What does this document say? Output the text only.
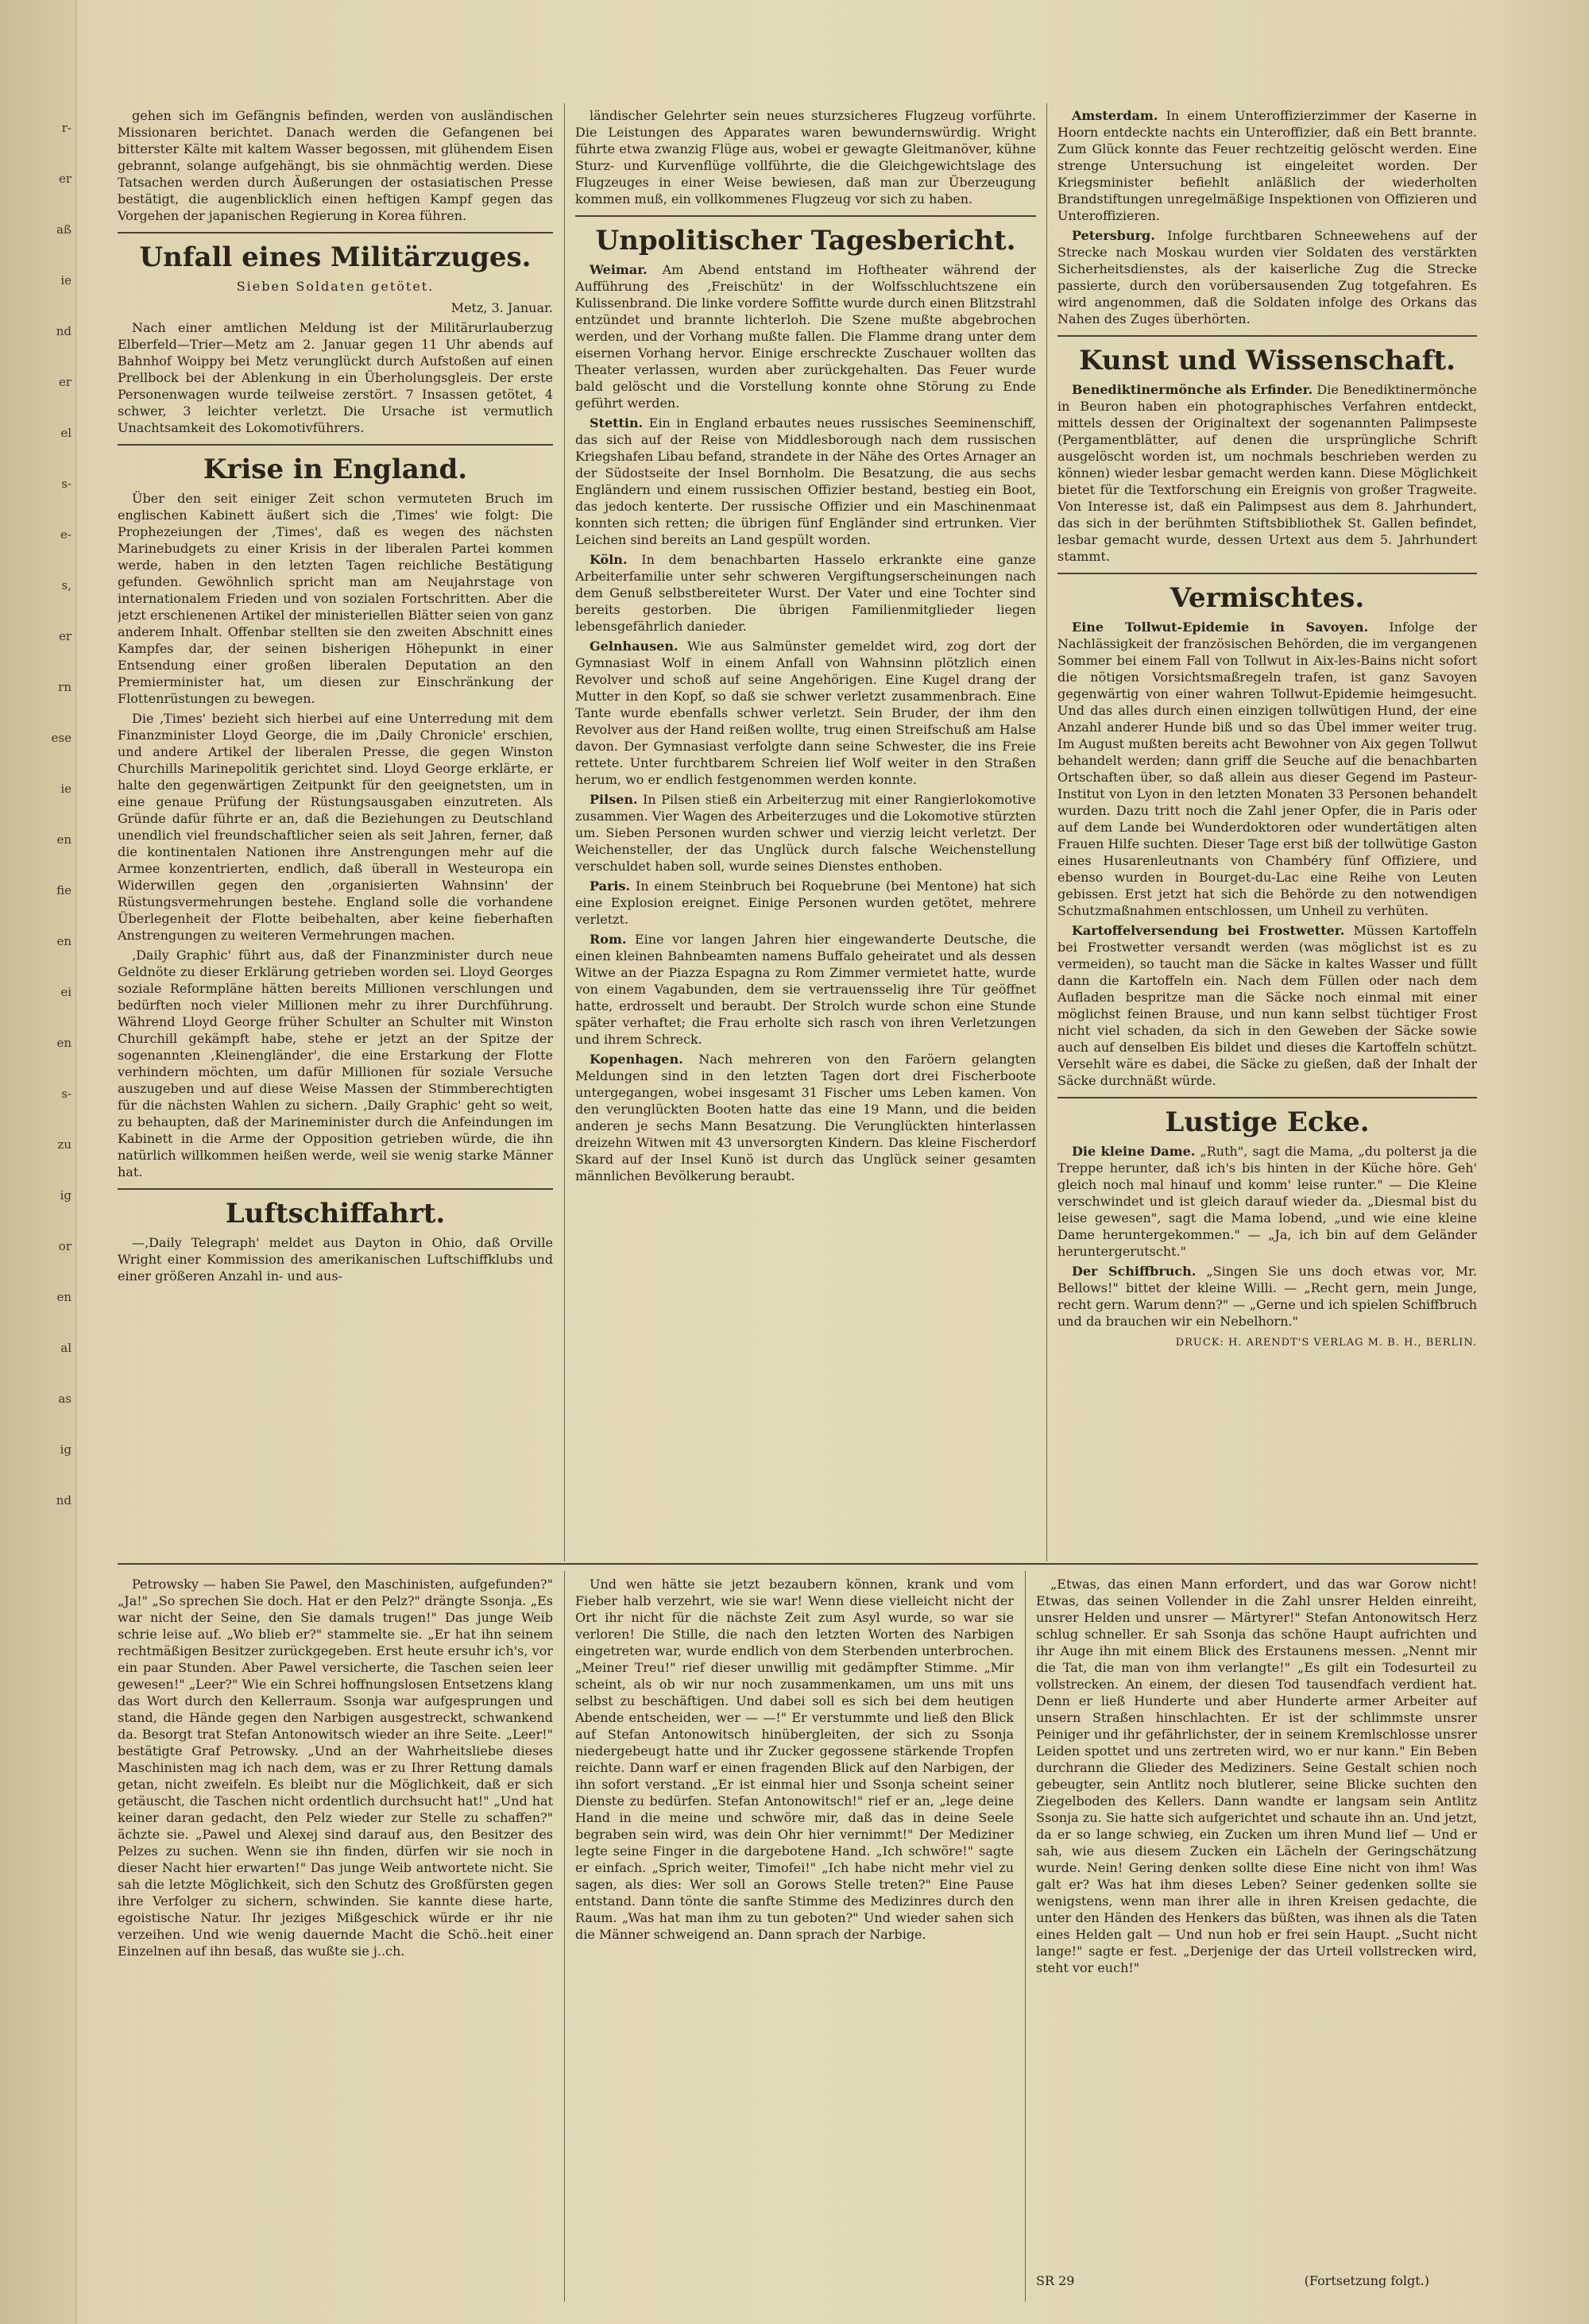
r-
er
aß
ie
nd
er
el
s-
e-
s,
er
rn
ese
ie
en
fie
en
ei
en
s-
zu
ig
or
en
al
as
ig
nd

gehen sich im Gefängnis befinden, werden von ausländischen Missionaren berichtet. Danach werden die Gefangenen bei bitterster Kälte mit kaltem Wasser begossen, mit glühendem Eisen gebrannt, solange aufgehängt, bis sie ohnmächtig werden. Diese Tatsachen werden durch Äußerungen der ostasiatischen Presse bestätigt, die augenblicklich einen heftigen Kampf gegen das Vorgehen der japanischen Regierung in Korea führen.

Unfall eines Militärzuges.
Sieben Soldaten getötet.
Metz, 3. Januar.

Nach einer amtlichen Meldung ist der Militärurlauberzug Elberfeld—Trier—Metz am 2. Januar gegen 11 Uhr abends auf Bahnhof Woippy bei Metz verunglückt durch Aufstoßen auf einen Prellbock bei der Ablenkung in ein Überholungsgleis. Der erste Personenwagen wurde teilweise zerstört. 7 Insassen getötet, 4 schwer, 3 leichter verletzt. Die Ursache ist vermutlich Unachtsamkeit des Lokomotivführers.

Krise in England.

Über den seit einiger Zeit schon vermuteten Bruch im englischen Kabinett äußert sich die ‚Times' wie folgt: Die Prophezeiungen der ‚Times', daß es wegen des nächsten Marinebudgets zu einer Krisis in der liberalen Partei kommen werde, haben in den letzten Tagen reichliche Bestätigung gefunden. Gewöhnlich spricht man am Neujahrstage von internationalem Frieden und von sozialen Fortschritten. Aber die jetzt erschienenen Artikel der ministeriellen Blätter seien von ganz anderem Inhalt. Offenbar stellten sie den zweiten Abschnitt eines Kampfes dar, der seinen bisherigen Höhepunkt in einer Entsendung einer großen liberalen Deputation an den Premierminister hat, um diesen zur Einschränkung der Flottenrüstungen zu bewegen.

Die ‚Times' bezieht sich hierbei auf eine Unterredung mit dem Finanzminister Lloyd George, die im ‚Daily Chronicle' erschien, und andere Artikel der liberalen Presse, die gegen Winston Churchills Marinepolitik gerichtet sind. Lloyd George erklärte, er halte den gegenwärtigen Zeitpunkt für den geeignetsten, um in eine genaue Prüfung der Rüstungsausgaben einzutreten. Als Gründe dafür führte er an, daß die Beziehungen zu Deutschland unendlich viel freundschaftlicher seien als seit Jahren, ferner, daß die kontinentalen Nationen ihre Anstrengungen mehr auf die Armee konzentrierten, endlich, daß überall in Westeuropa ein Widerwillen gegen den ‚organisierten Wahnsinn' der Rüstungsvermehrungen bestehe. England solle die vorhandene Überlegenheit der Flotte beibehalten, aber keine fieberhaften Anstrengungen zu weiteren Vermehrungen machen.

‚Daily Graphic' führt aus, daß der Finanzminister durch neue Geldnöte zu dieser Erklärung getrieben worden sei. Lloyd Georges soziale Reformpläne hätten bereits Millionen verschlungen und bedürften noch vieler Millionen mehr zu ihrer Durchführung. Während Lloyd George früher Schulter an Schulter mit Winston Churchill gekämpft habe, stehe er jetzt an der Spitze der sogenannten ‚Kleinengländer', die eine Erstarkung der Flotte verhindern möchten, um dafür Millionen für soziale Versuche auszugeben und auf diese Weise Massen der Stimmberechtigten für die nächsten Wahlen zu sichern. ‚Daily Graphic' geht so weit, zu behaupten, daß der Marineminister durch die Anfeindungen im Kabinett in die Arme der Opposition getrieben würde, die ihn natürlich willkommen heißen werde, weil sie wenig starke Männer hat.

Luftschiffahrt.

—‚Daily Telegraph' meldet aus Dayton in Ohio, daß Orville Wright einer Kommission des amerikanischen Luftschiffklubs und einer größeren Anzahl in- und aus-

ländischer Gelehrter sein neues sturzsicheres Flugzeug vorführte. Die Leistungen des Apparates waren bewundernswürdig. Wright führte etwa zwanzig Flüge aus, wobei er gewagte Gleitmanöver, kühne Sturz- und Kurvenflüge vollführte, die die Gleichgewichtslage des Flugzeuges in einer Weise bewiesen, daß man zur Überzeugung kommen muß, ein vollkommenes Flugzeug vor sich zu haben.

Unpolitischer Tagesbericht.

Weimar. Am Abend entstand im Hoftheater während der Aufführung des ‚Freischütz' in der Wolfsschluchtszene ein Kulissenbrand. Die linke vordere Soffitte wurde durch einen Blitzstrahl entzündet und brannte lichterloh. Die Szene mußte abgebrochen werden, und der Vorhang mußte fallen. Die Flamme drang unter dem eisernen Vorhang hervor. Einige erschreckte Zuschauer wollten das Theater verlassen, wurden aber zurückgehalten. Das Feuer wurde bald gelöscht und die Vorstellung konnte ohne Störung zu Ende geführt werden.

Stettin. Ein in England erbautes neues russisches Seeminenschiff, das sich auf der Reise von Middlesborough nach dem russischen Kriegshafen Libau befand, strandete in der Nähe des Ortes Arnager an der Südostseite der Insel Bornholm. Die Besatzung, die aus sechs Engländern und einem russischen Offizier bestand, bestieg ein Boot, das jedoch kenterte. Der russische Offizier und ein Maschinenmaat konnten sich retten; die übrigen fünf Engländer sind ertrunken. Vier Leichen sind bereits an Land gespült worden.

Köln. In dem benachbarten Hasselo erkrankte eine ganze Arbeiterfamilie unter sehr schweren Vergiftungserscheinungen nach dem Genuß selbstbereiteter Wurst. Der Vater und eine Tochter sind bereits gestorben. Die übrigen Familienmitglieder liegen lebensgefährlich danieder.

Gelnhausen. Wie aus Salmünster gemeldet wird, zog dort der Gymnasiast Wolf in einem Anfall von Wahnsinn plötzlich einen Revolver und schoß auf seine Angehörigen. Eine Kugel drang der Mutter in den Kopf, so daß sie schwer verletzt zusammenbrach. Eine Tante wurde ebenfalls schwer verletzt. Sein Bruder, der ihm den Revolver aus der Hand reißen wollte, trug einen Streifschuß am Halse davon. Der Gymnasiast verfolgte dann seine Schwester, die ins Freie rettete. Unter furchtbarem Schreien lief Wolf weiter in den Straßen herum, wo er endlich festgenommen werden konnte.

Pilsen. In Pilsen stieß ein Arbeiterzug mit einer Rangierlokomotive zusammen. Vier Wagen des Arbeiterzuges und die Lokomotive stürzten um. Sieben Personen wurden schwer und vierzig leicht verletzt. Der Weichensteller, der das Unglück durch falsche Weichenstellung verschuldet haben soll, wurde seines Dienstes enthoben.

Paris. In einem Steinbruch bei Roquebrune (bei Mentone) hat sich eine Explosion ereignet. Einige Personen wurden getötet, mehrere verletzt.

Rom. Eine vor langen Jahren hier eingewanderte Deutsche, die einen kleinen Bahnbeamten namens Buffalo geheiratet und als dessen Witwe an der Piazza Espagna zu Rom Zimmer vermietet hatte, wurde von einem Vagabunden, dem sie vertrauensselig ihre Tür geöffnet hatte, erdrosselt und beraubt. Der Strolch wurde schon eine Stunde später verhaftet; die Frau erholte sich rasch von ihren Verletzungen und ihrem Schreck.

Kopenhagen. Nach mehreren von den Faröern gelangten Meldungen sind in den letzten Tagen dort drei Fischerboote untergegangen, wobei insgesamt 31 Fischer ums Leben kamen. Von den verunglückten Booten hatte das eine 19 Mann, und die beiden anderen je sechs Mann Besatzung. Die Verunglückten hinterlassen dreizehn Witwen mit 43 unversorgten Kindern. Das kleine Fischerdorf Skard auf der Insel Kunö ist durch das Unglück seiner gesamten männlichen Bevölkerung beraubt.

Amsterdam. In einem Unteroffizierzimmer der Kaserne in Hoorn entdeckte nachts ein Unteroffizier, daß ein Bett brannte. Zum Glück konnte das Feuer rechtzeitig gelöscht werden. Eine strenge Untersuchung ist eingeleitet worden. Der Kriegsminister befiehlt anläßlich der wiederholten Brandstiftungen unregelmäßige Inspektionen von Offizieren und Unteroffizieren.

Petersburg. Infolge furchtbaren Schneewehens auf der Strecke nach Moskau wurden vier Soldaten des verstärkten Sicherheitsdienstes, als der kaiserliche Zug die Strecke passierte, durch den vorübersausenden Zug totgefahren. Es wird angenommen, daß die Soldaten infolge des Orkans das Nahen des Zuges überhörten.

Kunst und Wissenschaft.

Benediktinermönche als Erfinder. Die Benediktinermönche in Beuron haben ein photographisches Verfahren entdeckt, mittels dessen der Originaltext der sogenannten Palimpseste (Pergamentblätter, auf denen die ursprüngliche Schrift ausgelöscht worden ist, um nochmals beschrieben werden zu können) wieder lesbar gemacht werden kann. Diese Möglichkeit bietet für die Textforschung ein Ereignis von großer Tragweite. Von Interesse ist, daß ein Palimpsest aus dem 8. Jahrhundert, das sich in der berühmten Stiftsbibliothek St. Gallen befindet, lesbar gemacht wurde, dessen Urtext aus dem 5. Jahrhundert stammt.

Vermischtes.

Eine Tollwut-Epidemie in Savoyen. Infolge der Nachlässigkeit der französischen Behörden, die im vergangenen Sommer bei einem Fall von Tollwut in Aix-les-Bains nicht sofort die nötigen Vorsichtsmaßregeln trafen, ist ganz Savoyen gegenwärtig von einer wahren Tollwut-Epidemie heimgesucht. Und das alles durch einen einzigen tollwütigen Hund, der eine Anzahl anderer Hunde biß und so das Übel immer weiter trug. Im August mußten bereits acht Bewohner von Aix gegen Tollwut behandelt werden; dann griff die Seuche auf die benachbarten Ortschaften über, so daß allein aus dieser Gegend im Pasteur-Institut von Lyon in den letzten Monaten 33 Personen behandelt wurden. Dazu tritt noch die Zahl jener Opfer, die in Paris oder auf dem Lande bei Wunderdoktoren oder wundertätigen alten Frauen Hilfe suchten. Dieser Tage erst biß der tollwütige Gaston eines Husarenleutnants von Chambéry fünf Offiziere, und ebenso wurden in Bourget-du-Lac eine Reihe von Leuten gebissen. Erst jetzt hat sich die Behörde zu den notwendigen Schutzmaßnahmen entschlossen, um Unheil zu verhüten.

Kartoffelversendung bei Frostwetter. Müssen Kartoffeln bei Frostwetter versandt werden (was möglichst ist es zu vermeiden), so taucht man die Säcke in kaltes Wasser und füllt dann die Kartoffeln ein. Nach dem Füllen oder nach dem Aufladen bespritze man die Säcke noch einmal mit einer möglichst feinen Brause, und nun kann selbst tüchtiger Frost nicht viel schaden, da sich in den Geweben der Säcke sowie auch auf denselben Eis bildet und dieses die Kartoffeln schützt. Versehlt wäre es dabei, die Säcke zu gießen, daß der Inhalt der Säcke durchnäßt würde.

Lustige Ecke.

Die kleine Dame. „Ruth", sagt die Mama, „du polterst ja die Treppe herunter, daß ich's bis hinten in der Küche höre. Geh' gleich noch mal hinauf und komm' leise runter." — Die Kleine verschwindet und ist gleich darauf wieder da. „Diesmal bist du leise gewesen", sagt die Mama lobend, „und wie eine kleine Dame heruntergekommen." — „Ja, ich bin auf dem Geländer heruntergerutscht."

Der Schiffbruch. „Singen Sie uns doch etwas vor, Mr. Bellows!" bittet der kleine Willi. — „Recht gern, mein Junge, recht gern. Warum denn?" — „Gerne und ich spielen Schiffbruch und da brauchen wir ein Nebelhorn."

DRUCK: H. ARENDT'S VERLAG M. B. H., BERLIN.

Petrowsky — haben Sie Pawel, den Maschinisten, aufgefunden?" „Ja!" „So sprechen Sie doch. Hat er den Pelz?" drängte Ssonja. „Es war nicht der Seine, den Sie damals trugen!" Das junge Weib schrie leise auf. „Wo blieb er?" stammelte sie. „Er hat ihn seinem rechtmäßigen Besitzer zurückgegeben. Erst heute ersuhr ich's, vor ein paar Stunden. Aber Pawel versicherte, die Taschen seien leer gewesen!" „Leer?" Wie ein Schrei hoffnungslosen Entsetzens klang das Wort durch den Kellerraum. Ssonja war aufgesprungen und stand, die Hände gegen den Narbigen ausgestreckt, schwankend da. Besorgt trat Stefan Antonowitsch wieder an ihre Seite. „Leer!" bestätigte Graf Petrowsky. „Und an der Wahrheitsliebe dieses Maschinisten mag ich nach dem, was er zu Ihrer Rettung damals getan, nicht zweifeln. Es bleibt nur die Möglichkeit, daß er sich getäuscht, die Taschen nicht ordentlich durchsucht hat!" „Und hat keiner daran gedacht, den Pelz wieder zur Stelle zu schaffen?" ächzte sie. „Pawel und Alexej sind darauf aus, den Besitzer des Pelzes zu suchen. Wenn sie ihn finden, dürfen wir sie noch in dieser Nacht hier erwarten!" Das junge Weib antwortete nicht. Sie sah die letzte Möglichkeit, sich den Schutz des Großfürsten gegen ihre Verfolger zu sichern, schwinden. Sie kannte diese harte, egoistische Natur. Ihr jeziges Mißgeschick würde er ihr nie verzeihen. Und wie wenig dauernde Macht die Schö..heit einer Einzelnen auf ihn besaß, das wußte sie j..ch.

Und wen hätte sie jetzt bezaubern können, krank und vom Fieber halb verzehrt, wie sie war! Wenn diese vielleicht nicht der Ort ihr nicht für die nächste Zeit zum Asyl wurde, so war sie verloren! Die Stille, die nach den letzten Worten des Narbigen eingetreten war, wurde endlich von dem Sterbenden unterbrochen. „Meiner Treu!" rief dieser unwillig mit gedämpfter Stimme. „Mir scheint, als ob wir nur noch zusammenkamen, um uns mit uns selbst zu beschäftigen. Und dabei soll es sich bei dem heutigen Abende entscheiden, wer — —!" Er verstummte und ließ den Blick auf Stefan Antonowitsch hinübergleiten, der sich zu Ssonja niedergebeugt hatte und ihr Zucker gegossene stärkende Tropfen reichte. Dann warf er einen fragenden Blick auf den Narbigen, der ihn sofort verstand. „Er ist einmal hier und Ssonja scheint seiner Dienste zu bedürfen. Stefan Antonowitsch!" rief er an, „lege deine Hand in die meine und schwöre mir, daß das in deine Seele begraben sein wird, was dein Ohr hier vernimmt!" Der Mediziner legte seine Finger in die dargebotene Hand. „Ich schwöre!" sagte er einfach. „Sprich weiter, Timofei!" „Ich habe nicht mehr viel zu sagen, als dies: Wer soll an Gorows Stelle treten?" Eine Pause entstand. Dann tönte die sanfte Stimme des Medizinres durch den Raum. „Was hat man ihm zu tun geboten?" Und wieder sahen sich die Männer schweigend an. Dann sprach der Narbige.

„Etwas, das einen Mann erfordert, und das war Gorow nicht! Etwas, das seinen Vollender in die Zahl unsrer Helden einreiht, unsrer Helden und unsrer — Märtyrer!" Stefan Antonowitsch Herz schlug schneller. Er sah Ssonja das schöne Haupt aufrichten und ihr Auge ihn mit einem Blick des Erstaunens messen. „Nennt mir die Tat, die man von ihm verlangte!" „Es gilt ein Todesurteil zu vollstrecken. An einem, der diesen Tod tausendfach verdient hat. Denn er ließ Hunderte und aber Hunderte armer Arbeiter auf unsern Straßen hinschlachten. Er ist der schlimmste unsrer Peiniger und ihr gefährlichster, der in seinem Kremlschlosse unsrer Leiden spottet und uns zertreten wird, wo er nur kann." Ein Beben durchrann die Glieder des Mediziners. Seine Gestalt schien noch gebeugter, sein Antlitz noch blutlerer, seine Blicke suchten den Ziegelboden des Kellers. Dann wandte er langsam sein Antlitz Ssonja zu. Sie hatte sich aufgerichtet und schaute ihn an. Und jetzt, da er so lange schwieg, ein Zucken um ihren Mund lief — Und er sah, wie aus diesem Zucken ein Lächeln der Geringschätzung wurde. Nein! Gering denken sollte diese Eine nicht von ihm! Was galt er? Was hat ihm dieses Leben? Seiner gedenken sollte sie wenigstens, wenn man ihrer alle in ihren Kreisen gedachte, die unter den Händen des Henkers das büßten, was ihnen als die Taten eines Helden galt — Und nun hob er frei sein Haupt. „Sucht nicht lange!" sagte er fest. „Derjenige der das Urteil vollstrecken wird, steht vor euch!"

SR 29	(Fortsetzung folgt.)
